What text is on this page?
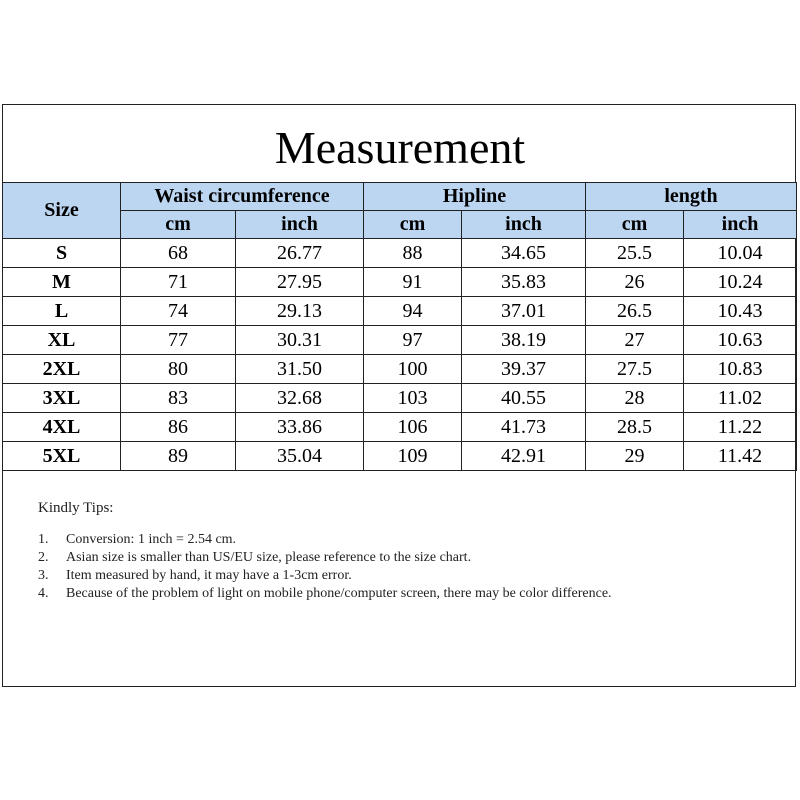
Measurement
Size	Waist circumference		Hipline		length	
	cm	inch	cm	inch	cm	inch
S	68	26.77	88	34.65	25.5	10.04
M	71	27.95	91	35.83	26	10.24
L	74	29.13	94	37.01	26.5	10.43
XL	77	30.31	97	38.19	27	10.63
2XL	80	31.50	100	39.37	27.5	10.83
3XL	83	32.68	103	40.55	28	11.02
4XL	86	33.86	106	41.73	28.5	11.22
5XL	89	35.04	109	42.91	29	11.42
Kindly Tips:
1. Conversion: 1 inch = 2.54 cm.
2. Asian size is smaller than US/EU size, please reference to the size chart.
3. Item measured by hand, it may have a 1-3cm error.
4. Because of the problem of light on mobile phone/computer screen, there may be color difference.
